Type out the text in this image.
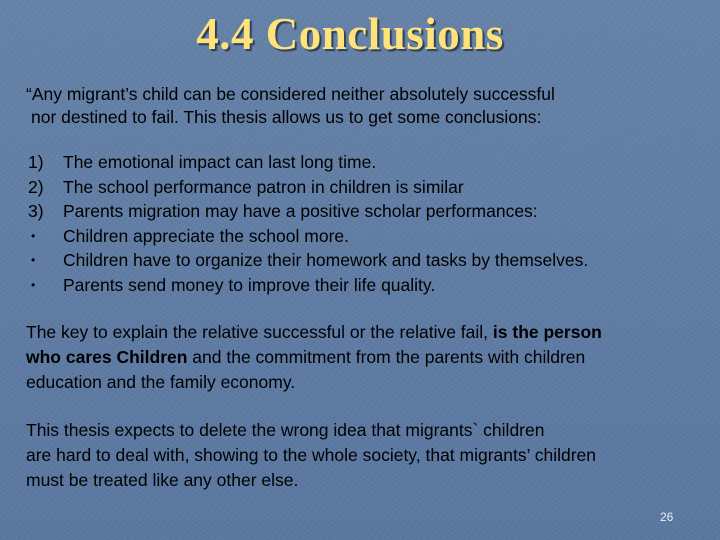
4.4 Conclusions
“Any migrant’s child can be considered neither absolutely successful
nor destined to fail. This thesis allows us to get some conclusions:
1)	The emotional impact can last long time.
2)	The school performance patron in children is similar
3)	Parents migration may have a positive scholar performances:
•	Children appreciate the school more.
•	Children have to organize their homework and tasks by themselves.
•	Parents send money to improve their life quality.
The key to explain the relative successful or the relative fail, is the person
who cares Children and the commitment from the parents with children
education and the family economy.
This thesis expects to delete the wrong idea that migrants` children
are hard to deal with, showing to the whole society, that migrants’ children
must be treated like any other else.
26
